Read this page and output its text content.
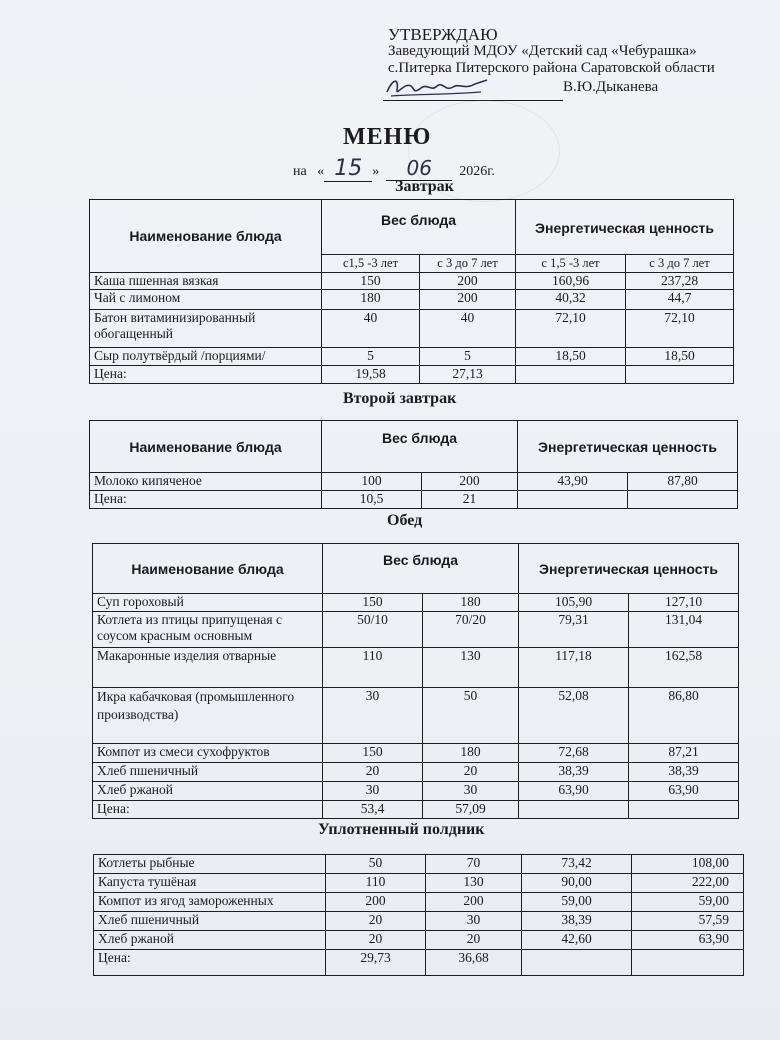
УТВЕРЖДАЮ
Заведующий МДОУ «Детский сад «Чебурашка»
с.Питерка Питерского района Саратовской области
В.Ю.Дыканева
МЕНЮ
на « 15 » 06 2026г.
Завтрак
Наименование блюда	Вес блюда		Энергетическая ценность	
	с1,5 -3 лет	с 3 до 7 лет	с 1,5 -3 лет	с 3 до 7 лет
Каша пшенная вязкая	150	200	160,96	237,28
Чай с лимоном	180	200	40,32	44,7
Батон витаминизированный обогащенный	40	40	72,10	72,10
Сыр полутвёрдый /порциями/	5	5	18,50	18,50
Цена:	19,58	27,13		
Второй завтрак
Наименование блюда	Вес блюда		Энергетическая ценность	
Молоко кипяченое	100	200	43,90	87,80
Цена:	10,5	21		
Обед
Наименование блюда	Вес блюда		Энергетическая ценность	
Суп гороховый	150	180	105,90	127,10
Котлета из птицы припущеная с соусом красным основным	50/10	70/20	79,31	131,04
Макаронные изделия отварные	110	130	117,18	162,58
Икра кабачковая (промышленного производства)	30	50	52,08	86,80
Компот из смеси сухофруктов	150	180	72,68	87,21
Хлеб пшеничный	20	20	38,39	38,39
Хлеб ржаной	30	30	63,90	63,90
Цена:	53,4	57,09		
Уплотненный полдник
Котлеты рыбные	50	70	73,42	108,00
Капуста тушёная	110	130	90,00	222,00
Компот из ягод замороженных	200	200	59,00	59,00
Хлеб пшеничный	20	30	38,39	57,59
Хлеб ржаной	20	20	42,60	63,90
Цена:	29,73	36,68		
